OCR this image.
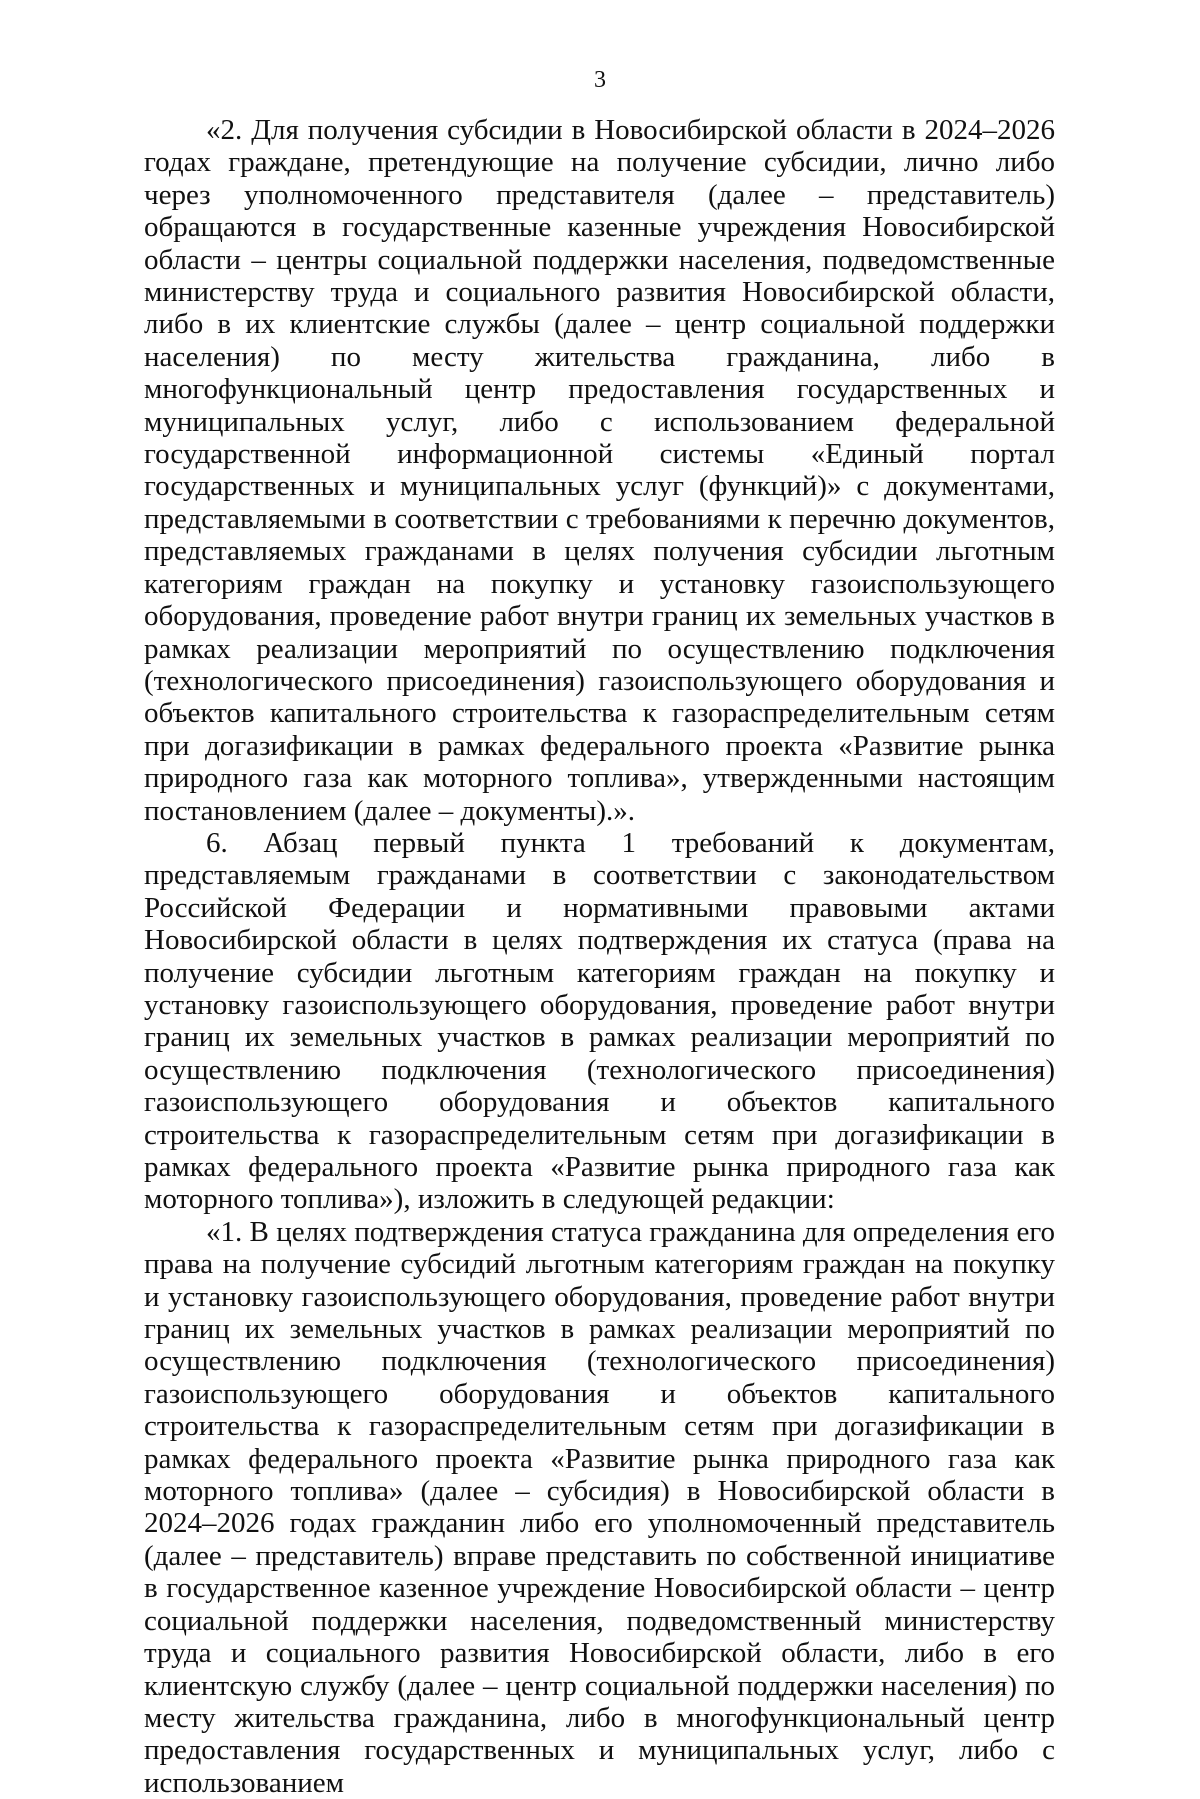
3

«2. Для получения субсидии в Новосибирской области в 2024–2026 годах граждане, претендующие на получение субсидии, лично либо через уполномоченного представителя (далее – представитель) обращаются в государственные казенные учреждения Новосибирской области – центры социальной поддержки населения, подведомственные министерству труда и социального развития Новосибирской области, либо в их клиентские службы (далее – центр социальной поддержки населения) по месту жительства гражданина, либо в многофункциональный центр предоставления государственных и муниципальных услуг, либо с использованием федеральной государственной информационной системы «Единый портал государственных и муниципальных услуг (функций)» с документами, представляемыми в соответствии с требованиями к перечню документов, представляемых гражданами в целях получения субсидии льготным категориям граждан на покупку и установку газоиспользующего оборудования, проведение работ внутри границ их земельных участков в рамках реализации мероприятий по осуществлению подключения (технологического присоединения) газоиспользующего оборудования и объектов капитального строительства к газораспределительным сетям при догазификации в рамках федерального проекта «Развитие рынка природного газа как моторного топлива», утвержденными настоящим постановлением (далее – документы).».

6. Абзац первый пункта 1 требований к документам, представляемым гражданами в соответствии с законодательством Российской Федерации и нормативными правовыми актами Новосибирской области в целях подтверждения их статуса (права на получение субсидии льготным категориям граждан на покупку и установку газоиспользующего оборудования, проведение работ внутри границ их земельных участков в рамках реализации мероприятий по осуществлению подключения (технологического присоединения) газоиспользующего оборудования и объектов капитального строительства к газораспределительным сетям при догазификации в рамках федерального проекта «Развитие рынка природного газа как моторного топлива»), изложить в следующей редакции:

«1. В целях подтверждения статуса гражданина для определения его права на получение субсидий льготным категориям граждан на покупку и установку газоиспользующего оборудования, проведение работ внутри границ их земельных участков в рамках реализации мероприятий по осуществлению подключения (технологического присоединения) газоиспользующего оборудования и объектов капитального строительства к газораспределительным сетям при догазификации в рамках федерального проекта «Развитие рынка природного газа как моторного топлива» (далее – субсидия) в Новосибирской области в 2024–2026 годах гражданин либо его уполномоченный представитель (далее – представитель) вправе представить по собственной инициативе в государственное казенное учреждение Новосибирской области – центр социальной поддержки населения, подведомственный министерству труда и социального развития Новосибирской области, либо в его клиентскую службу (далее – центр социальной поддержки населения) по месту жительства гражданина, либо в многофункциональный центр предоставления государственных и муниципальных услуг, либо с использованием
